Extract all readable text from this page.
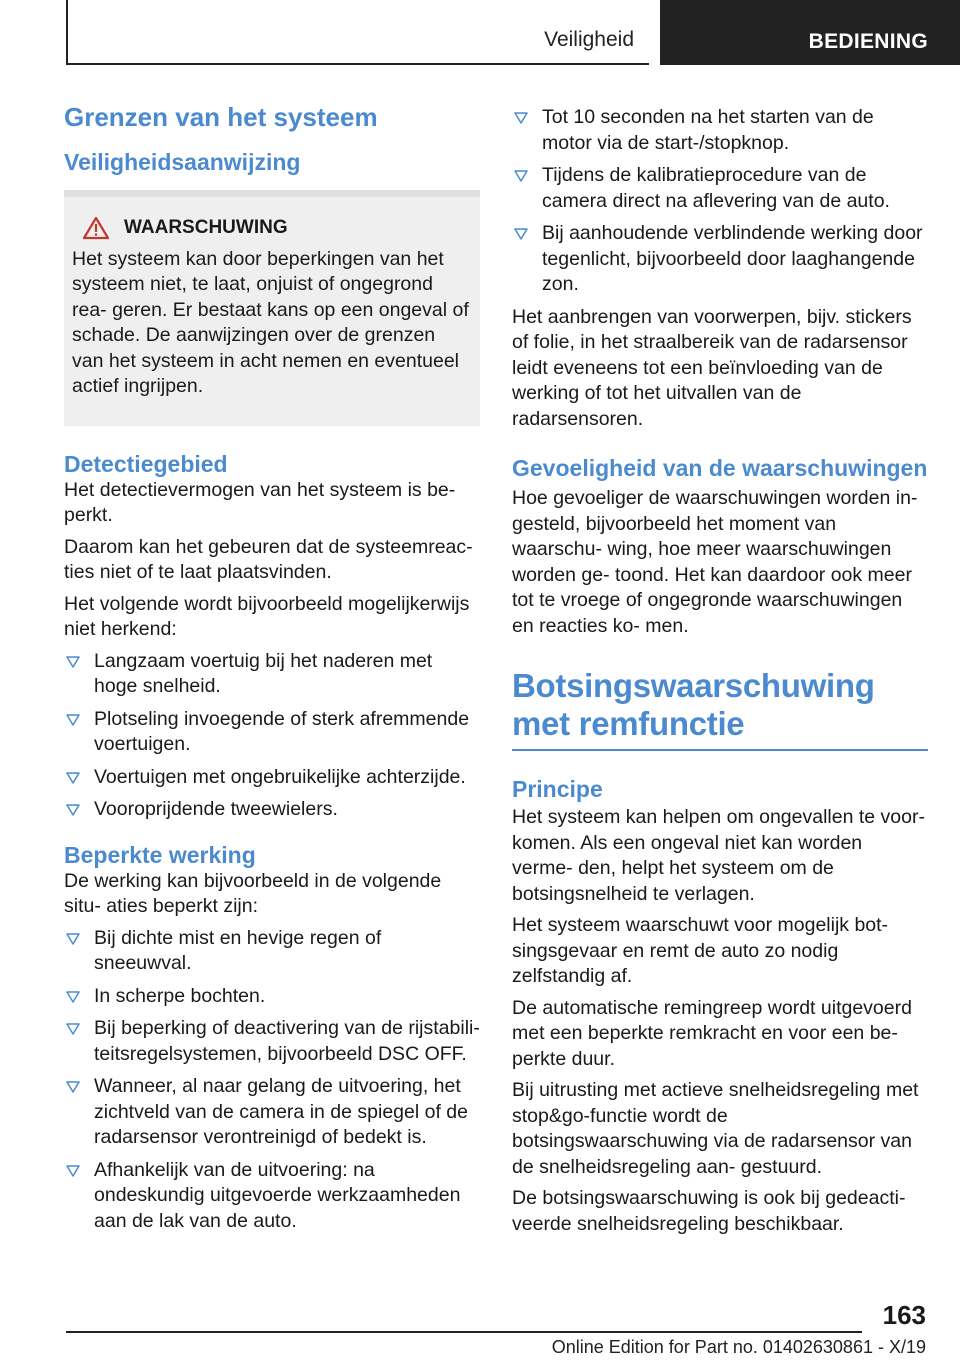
Veiligheid	BEDIENING
Grenzen van het systeem
Veiligheidsaanwijzing
WAARSCHUWING

Het systeem kan door beperkingen van het systeem niet, te laat, onjuist of ongegrond rea- geren. Er bestaat kans op een ongeval of schade. De aanwijzingen over de grenzen van het systeem in acht nemen en eventueel actief ingrijpen.

Detectiegebied

Het detectievermogen van het systeem is be- perkt.

Daarom kan het gebeuren dat de systeemreac- ties niet of te laat plaatsvinden.

Het volgende wordt bijvoorbeeld mogelijkerwijs niet herkend:

Langzaam voertuig bij het naderen met hoge snelheid.
Plotseling invoegende of sterk afremmende voertuigen.
Voertuigen met ongebruikelijke achterzijde.
Vooroprijdende tweewielers.
Beperkte werking

De werking kan bijvoorbeeld in de volgende situ- aties beperkt zijn:

Bij dichte mist en hevige regen of sneeuwval.
In scherpe bochten.
Bij beperking of deactivering van de rijstabili- teitsregelsystemen, bijvoorbeeld DSC OFF.
Wanneer, al naar gelang de uitvoering, het zichtveld van de camera in de spiegel of de radarsensor verontreinigd of bedekt is.
Afhankelijk van de uitvoering: na ondeskundig uitgevoerde werkzaamheden aan de lak van de auto.
Tot 10 seconden na het starten van de motor via de start-/stopknop.
Tijdens de kalibratieprocedure van de camera direct na aflevering van de auto.
Bij aanhoudende verblindende werking door tegenlicht, bijvoorbeeld door laaghangende zon.

Het aanbrengen van voorwerpen, bijv. stickers of folie, in het straalbereik van de radarsensor leidt eveneens tot een beïnvloeding van de werking of tot het uitvallen van de radarsensoren.

Gevoeligheid van de waarschuwingen

Hoe gevoeliger de waarschuwingen worden in- gesteld, bijvoorbeeld het moment van waarschu- wing, hoe meer waarschuwingen worden ge- toond. Het kan daardoor ook meer tot te vroege of ongegronde waarschuwingen en reacties ko- men.

Botsingswaarschuwing met remfunctie
Principe

Het systeem kan helpen om ongevallen te voor- komen. Als een ongeval niet kan worden verme- den, helpt het systeem om de botsingsnelheid te verlagen.

Het systeem waarschuwt voor mogelijk bot- singsgevaar en remt de auto zo nodig zelfstandig af.

De automatische remingreep wordt uitgevoerd met een beperkte remkracht en voor een be- perkte duur.

Bij uitrusting met actieve snelheidsregeling met stop&go-functie wordt de botsingswaarschuwing via de radarsensor van de snelheidsregeling aan- gestuurd.

De botsingswaarschuwing is ook bij gedeacti- veerde snelheidsregeling beschikbaar.

163
Online Edition for Part no. 01402630861 - X/19
